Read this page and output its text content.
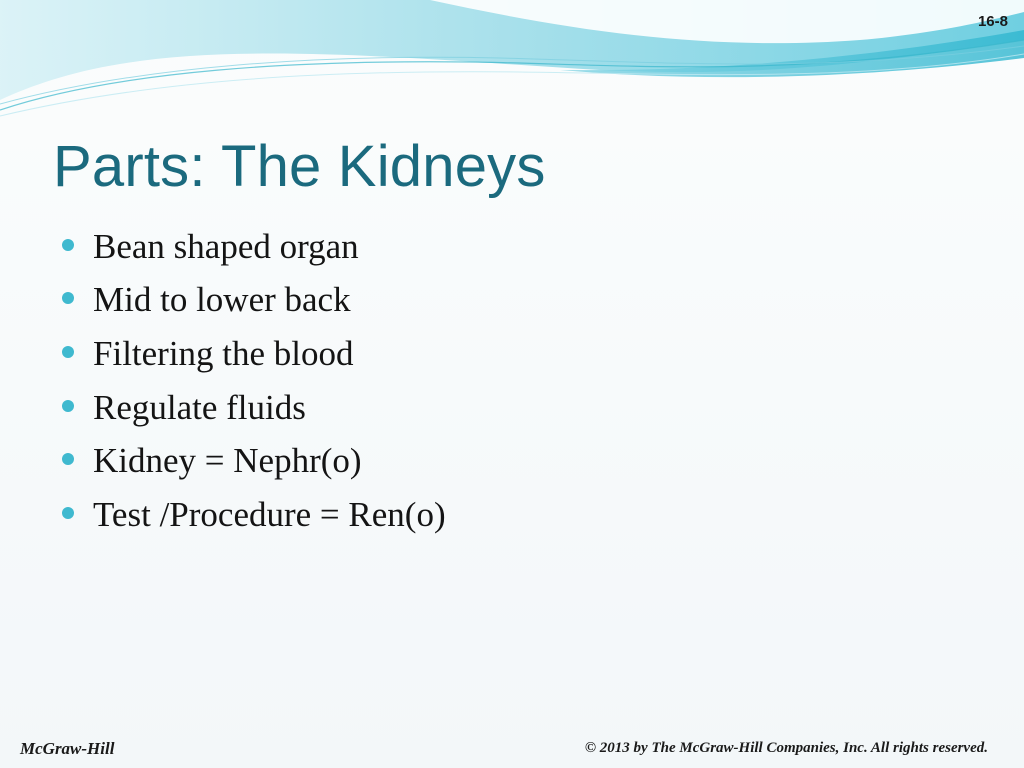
16-8
Parts: The Kidneys
Bean shaped organ
Mid to lower back
Filtering the blood
Regulate fluids
Kidney = Nephr(o)
Test /Procedure = Ren(o)
McGraw-Hill	© 2013 by The McGraw-Hill Companies, Inc. All rights reserved.
